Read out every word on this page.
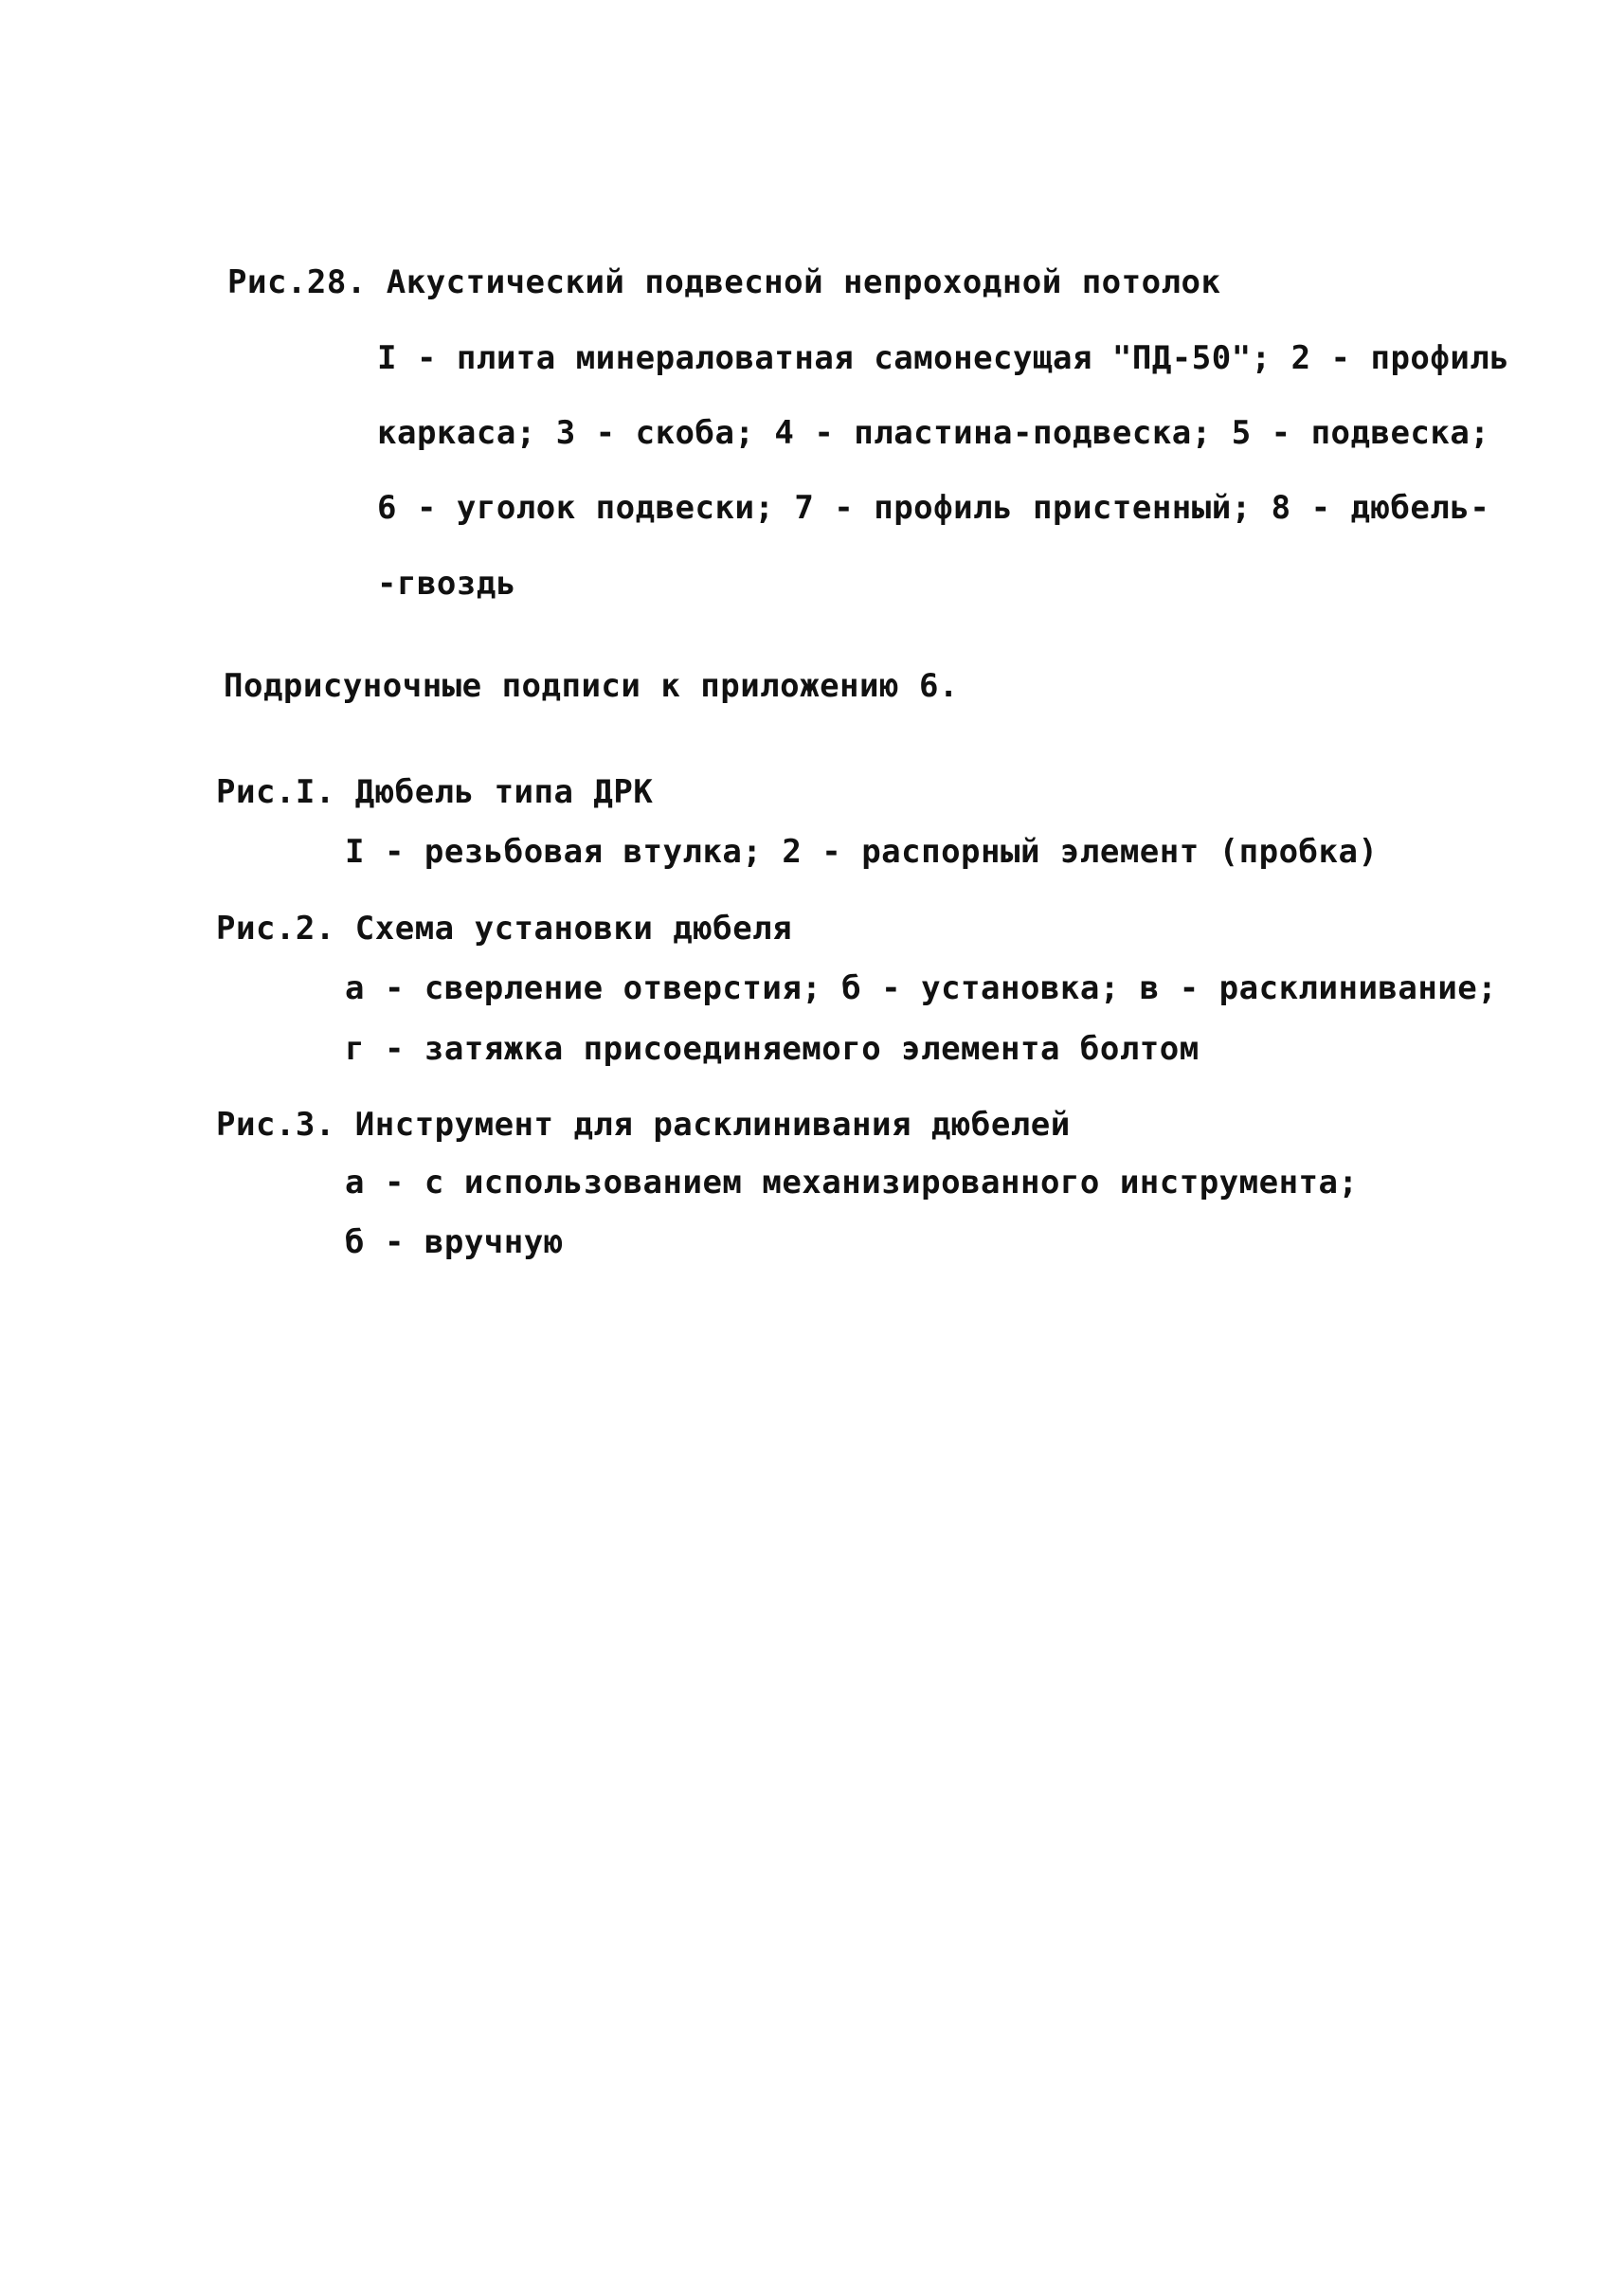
Рис.28. Акустический подвесной непроходной потолок
I - плита минераловатная самонесущая "ПД-50"; 2 - профиль
каркаса; 3 - скоба; 4 - пластина-подвеска; 5 - подвеска;
6 - уголок подвески; 7 - профиль пристенный; 8 - дюбель-
-гвоздь
Подрисуночные подписи к приложению 6.
Рис.I. Дюбель типа ДРК
I - резьбовая втулка; 2 - распорный элемент (пробка)
Рис.2. Схема установки дюбеля
а - сверление отверстия; б - установка; в - расклинивание;
г - затяжка присоединяемого элемента болтом
Рис.3. Инструмент для расклинивания дюбелей
а - с использованием механизированного инструмента;
б - вручную
